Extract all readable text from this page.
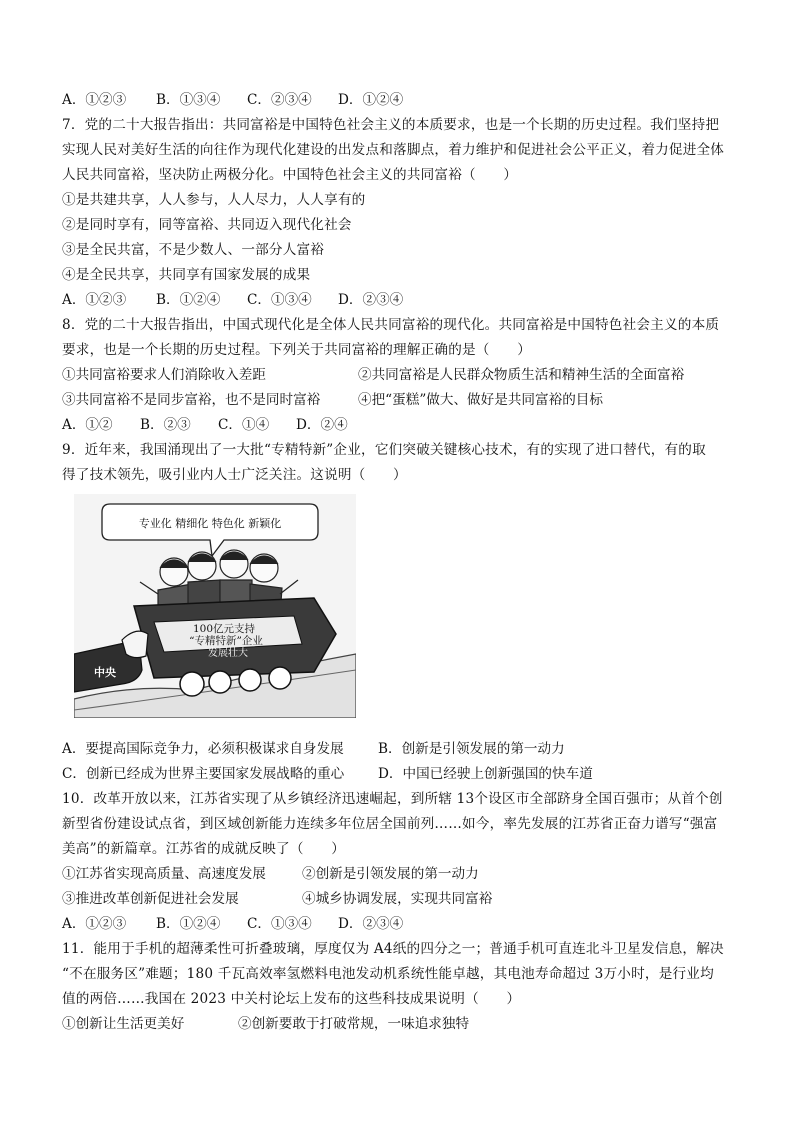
A．①②③ B．①③④ C．②③④ D．①②④
7．党的二十大报告指出：共同富裕是中国特色社会主义的本质要求，也是一个长期的历史过程。我们坚持把
实现人民对美好生活的向往作为现代化建设的出发点和落脚点，着力维护和促进社会公平正义，着力促进全体
人民共同富裕，坚决防止两极分化。中国特色社会主义的共同富裕（　　）
①是共建共享，人人参与，人人尽力，人人享有的
②是同时享有，同等富裕、共同迈入现代化社会
③是全民共富，不是少数人、一部分人富裕
④是全民共享，共同享有国家发展的成果
A．①②③ B．①②④ C．①③④ D．②③④
8．党的二十大报告指出，中国式现代化是全体人民共同富裕的现代化。共同富裕是中国特色社会主义的本质
要求，也是一个长期的历史过程。下列关于共同富裕的理解正确的是（　　）
①共同富裕要求人们消除收入差距	②共同富裕是人民群众物质生活和精神生活的全面富裕
③共同富裕不是同步富裕，也不是同时富裕	④把“蛋糕”做大、做好是共同富裕的目标
A．①② B．②③ C．①④ D．②④
9．近年来，我国涌现出了一大批“专精特新”企业，它们突破关键核心技术，有的实现了进口替代，有的取
得了技术领先，吸引业内人士广泛关注。这说明（　　）
专业化 精细化 特色化 新颖化
100亿元支持
“专精特新”企业
发展壮大
中央
A．要提高国际竞争力，必须积极谋求自身发展	B．创新是引领发展的第一动力
C．创新已经成为世界主要国家发展战略的重心 D．中国已经驶上创新强国的快车道
10．改革开放以来，江苏省实现了从乡镇经济迅速崛起，到所辖 13个设区市全部跻身全国百强市；从首个创
新型省份建设试点省，到区域创新能力连续多年位居全国前列……如今，率先发展的江苏省正奋力谱写“强富
美高”的新篇章。江苏省的成就反映了（　　）
①江苏省实现高质量、高速度发展	②创新是引领发展的第一动力
③推进改革创新促进社会发展	④城乡协调发展，实现共同富裕
A．①②③ B．①②④ C．①③④ D．②③④
11．能用于手机的超薄柔性可折叠玻璃，厚度仅为 A4纸的四分之一；普通手机可直连北斗卫星发信息，解决
“不在服务区”难题；180 千瓦高效率氢燃料电池发动机系统性能卓越，其电池寿命超过 3万小时，是行业均
值的两倍……我国在 2023 中关村论坛上发布的这些科技成果说明（　　）
①创新让生活更美好	②创新要敢于打破常规，一味追求独特
